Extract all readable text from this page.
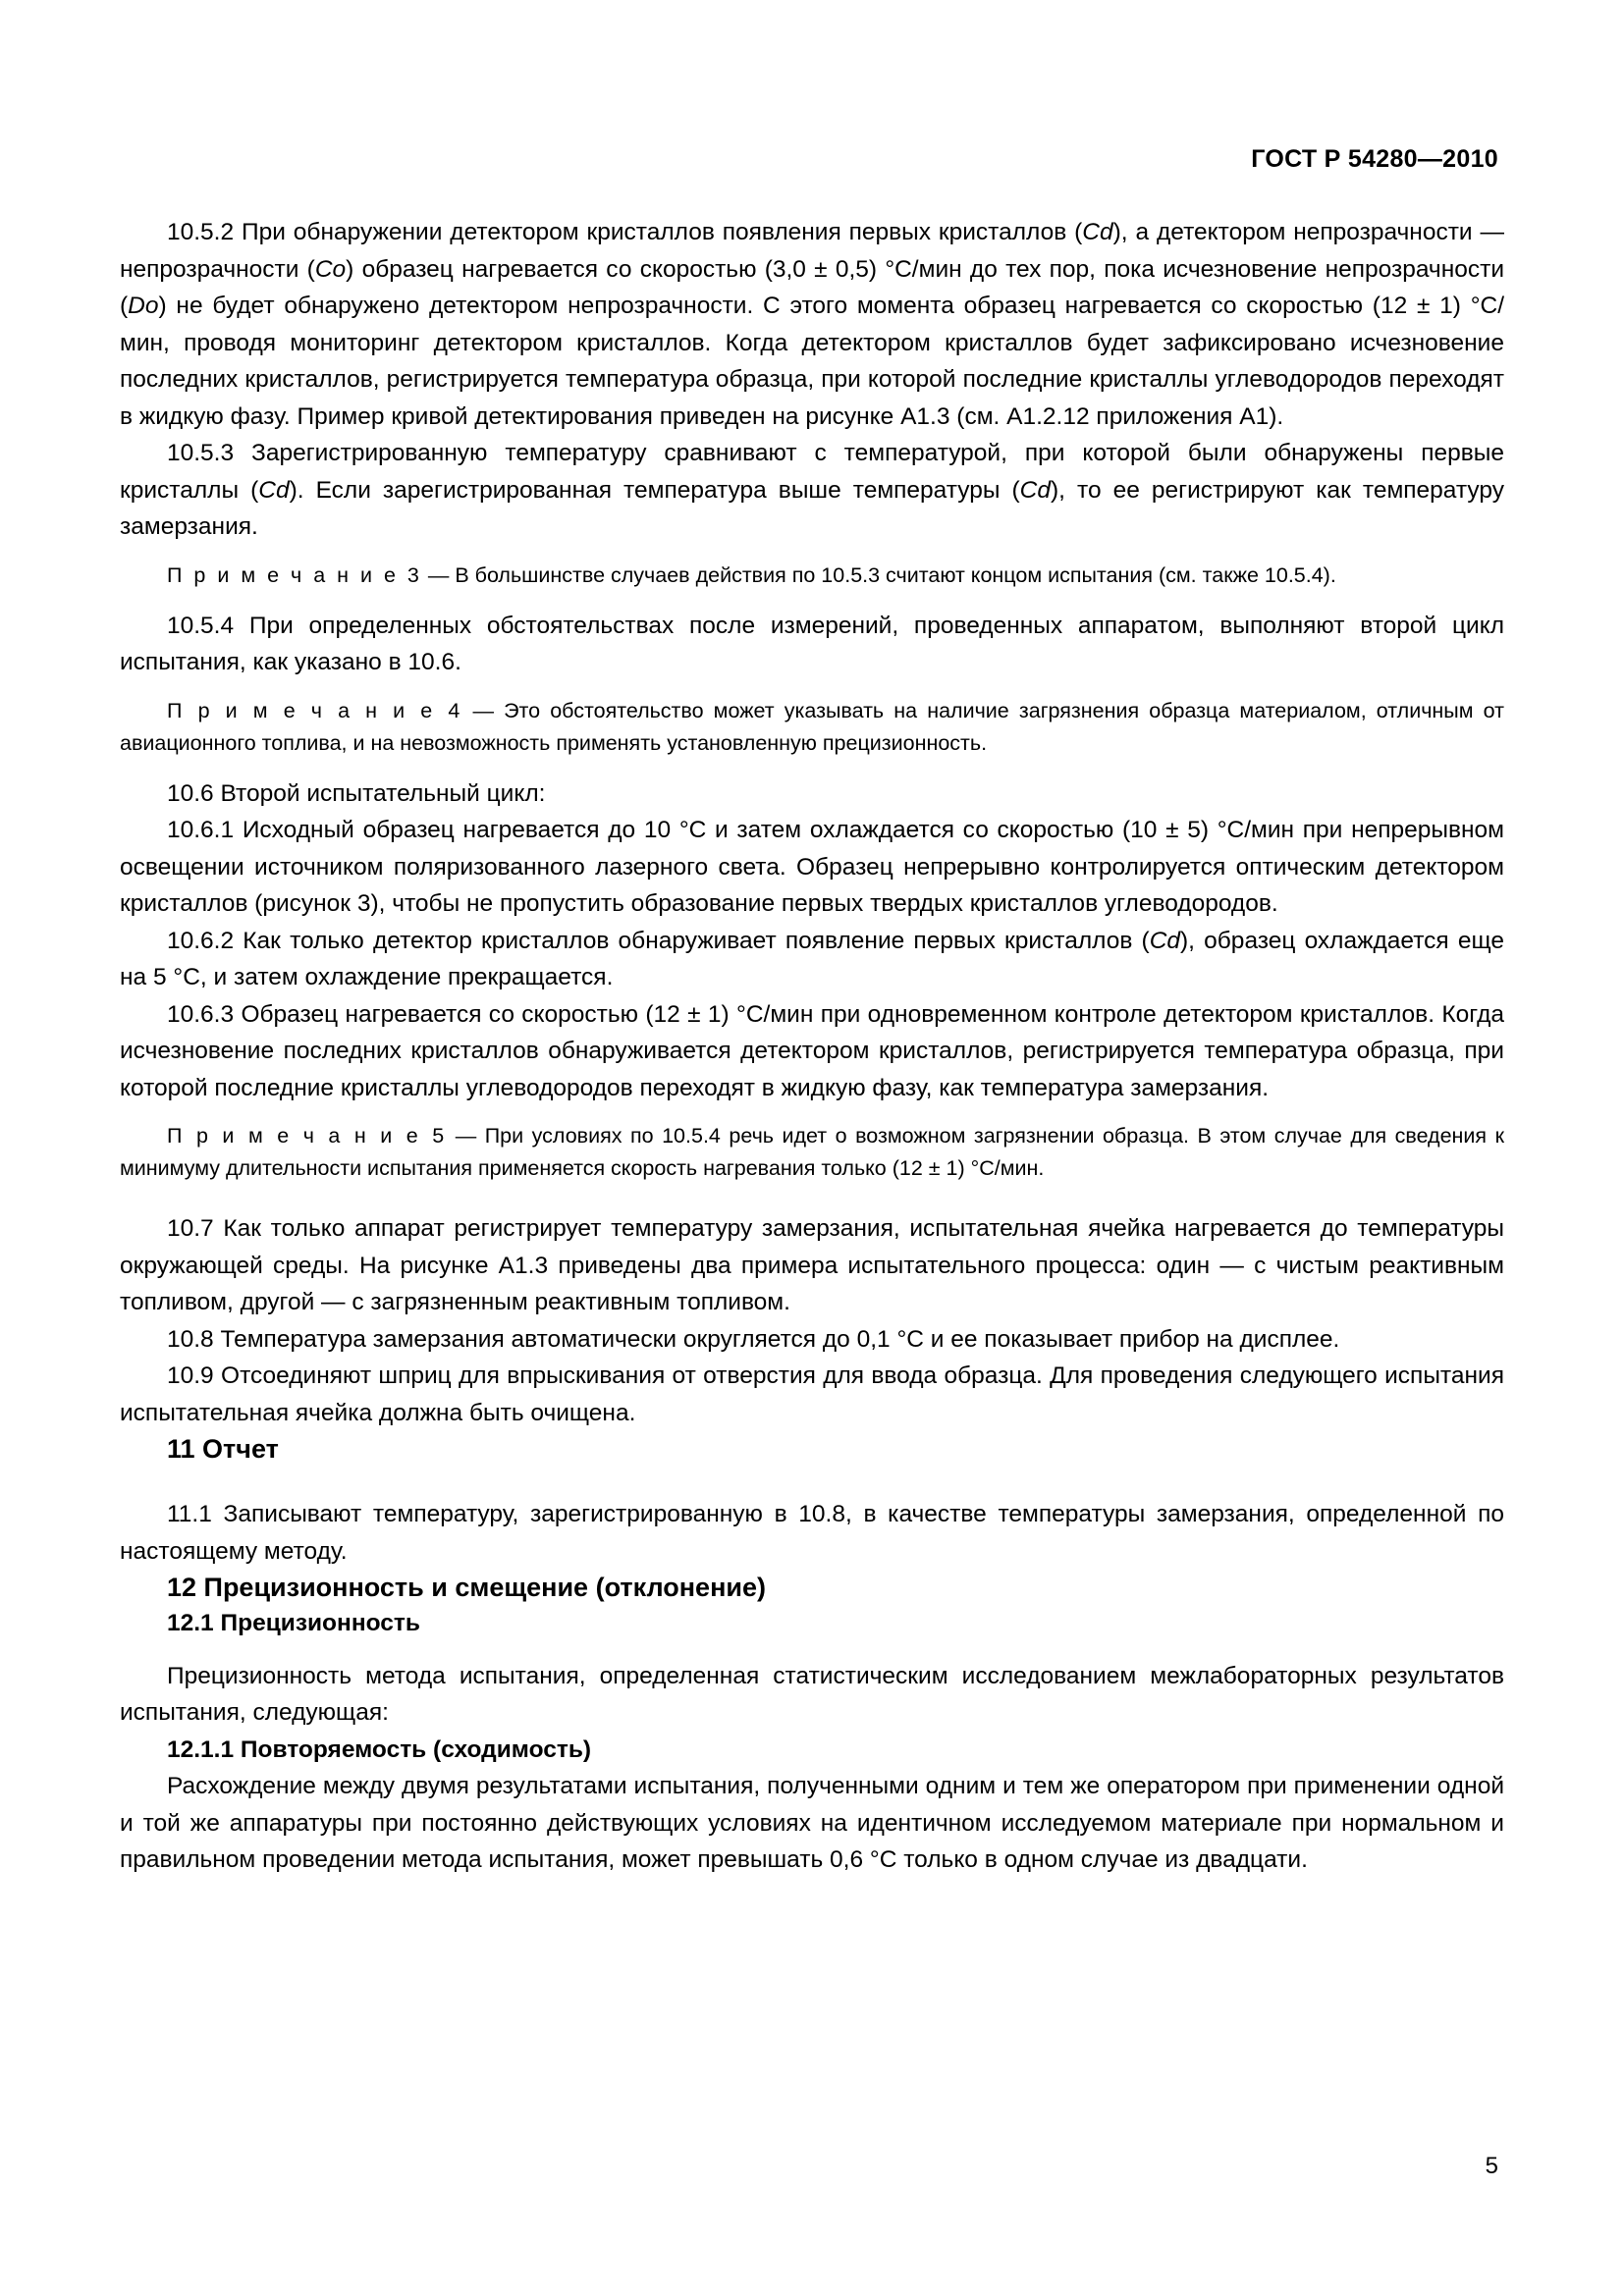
ГОСТ Р 54280—2010

10.5.2 При обнаружении детектором кристаллов появления первых кристаллов (Cd), а детектором непрозрачности — непрозрачности (Co) образец нагревается со скоростью (3,0 ± 0,5) °С/мин до тех пор, пока исчезновение непрозрачности (Do) не будет обнаружено детектором непрозрачности. С этого момента образец нагревается со скоростью (12 ± 1) °С/мин, проводя мониторинг детектором кристаллов. Когда детектором кристаллов будет зафиксировано исчезновение последних кристаллов, регистрируется температура образца, при которой последние кристаллы углеводородов переходят в жидкую фазу. Пример кривой детектирования приведен на рисунке А1.3 (см. А1.2.12 приложения А1).

10.5.3 Зарегистрированную температуру сравнивают с температурой, при которой были обнаружены первые кристаллы (Cd). Если зарегистрированная температура выше температуры (Cd), то ее регистрируют как температуру замерзания.

П р и м е ч а н и е 3 — В большинстве случаев действия по 10.5.3 считают концом испытания (см. также 10.5.4).

10.5.4 При определенных обстоятельствах после измерений, проведенных аппаратом, выполняют второй цикл испытания, как указано в 10.6.

П р и м е ч а н и е 4 — Это обстоятельство может указывать на наличие загрязнения образца материалом, отличным от авиационного топлива, и на невозможность применять установленную прецизионность.

10.6 Второй испытательный цикл:

10.6.1 Исходный образец нагревается до 10 °С и затем охлаждается со скоростью (10 ± 5) °С/мин при непрерывном освещении источником поляризованного лазерного света. Образец непрерывно контролируется оптическим детектором кристаллов (рисунок 3), чтобы не пропустить образование первых твердых кристаллов углеводородов.

10.6.2 Как только детектор кристаллов обнаруживает появление первых кристаллов (Cd), образец охлаждается еще на 5 °С, и затем охлаждение прекращается.

10.6.3 Образец нагревается со скоростью (12 ± 1) °С/мин при одновременном контроле детектором кристаллов. Когда исчезновение последних кристаллов обнаруживается детектором кристаллов, регистрируется температура образца, при которой последние кристаллы углеводородов переходят в жидкую фазу, как температура замерзания.

П р и м е ч а н и е 5 — При условиях по 10.5.4 речь идет о возможном загрязнении образца. В этом случае для сведения к минимуму длительности испытания применяется скорость нагревания только (12 ± 1) °С/мин.

10.7 Как только аппарат регистрирует температуру замерзания, испытательная ячейка нагревается до температуры окружающей среды. На рисунке А1.3 приведены два примера испытательного процесса: один — с чистым реактивным топливом, другой — с загрязненным реактивным топливом.

10.8 Температура замерзания автоматически округляется до 0,1 °С и ее показывает прибор на дисплее.

10.9 Отсоединяют шприц для впрыскивания от отверстия для ввода образца. Для проведения следующего испытания испытательная ячейка должна быть очищена.

11 Отчет

11.1 Записывают температуру, зарегистрированную в 10.8, в качестве температуры замерзания, определенной по настоящему методу.

12 Прецизионность и смещение (отклонение)
12.1 Прецизионность

Прецизионность метода испытания, определенная статистическим исследованием межлабораторных результатов испытания, следующая:

12.1.1 Повторяемость (сходимость)

Расхождение между двумя результатами испытания, полученными одним и тем же оператором при применении одной и той же аппаратуры при постоянно действующих условиях на идентичном исследуемом материале при нормальном и правильном проведении метода испытания, может превышать 0,6 °С только в одном случае из двадцати.

5
